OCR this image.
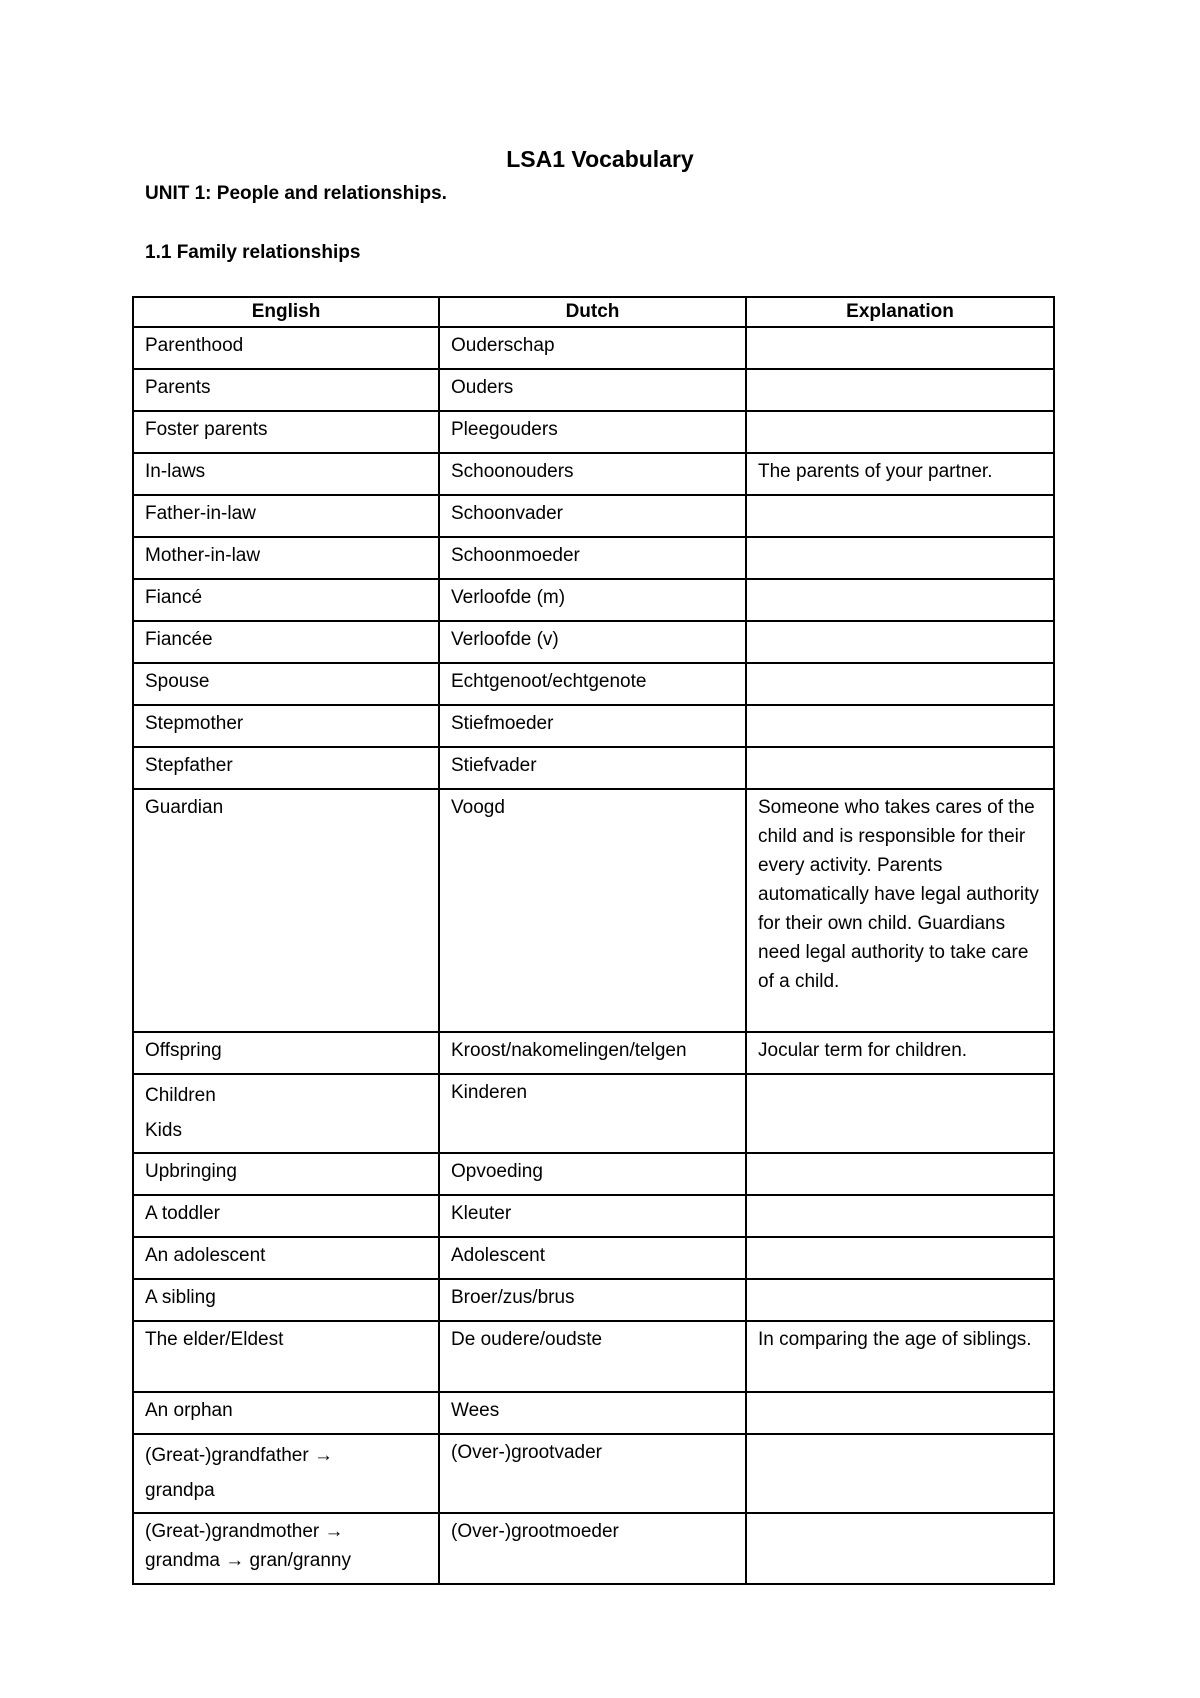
LSA1 Vocabulary
UNIT 1: People and relationships.
1.1 Family relationships
English	Dutch	Explanation
Parenthood	Ouderschap	
Parents	Ouders	
Foster parents	Pleegouders	
In-laws	Schoonouders	The parents of your partner.
Father-in-law	Schoonvader	
Mother-in-law	Schoonmoeder	
Fiancé	Verloofde (m)	
Fiancée	Verloofde (v)	
Spouse	Echtgenoot/echtgenote	
Stepmother	Stiefmoeder	
Stepfather	Stiefvader	
Guardian	Voogd	Someone who takes cares of the child and is responsible for their every activity. Parents automatically have legal authority for their own child. Guardians need legal authority to take care of a child.
Offspring	Kroost/nakomelingen/telgen	Jocular term for children.

Children
Kids	Kinderen	
Upbringing	Opvoeding	
A toddler	Kleuter	
An adolescent	Adolescent	
A sibling	Broer/zus/brus	
The elder/Eldest	De oudere/oudste	In comparing the age of siblings.
An orphan	Wees	

(Great-)grandfather →
grandpa	(Over-)grootvader	

(Great-)grandmother →
grandma → gran/granny	(Over-)grootmoeder	
